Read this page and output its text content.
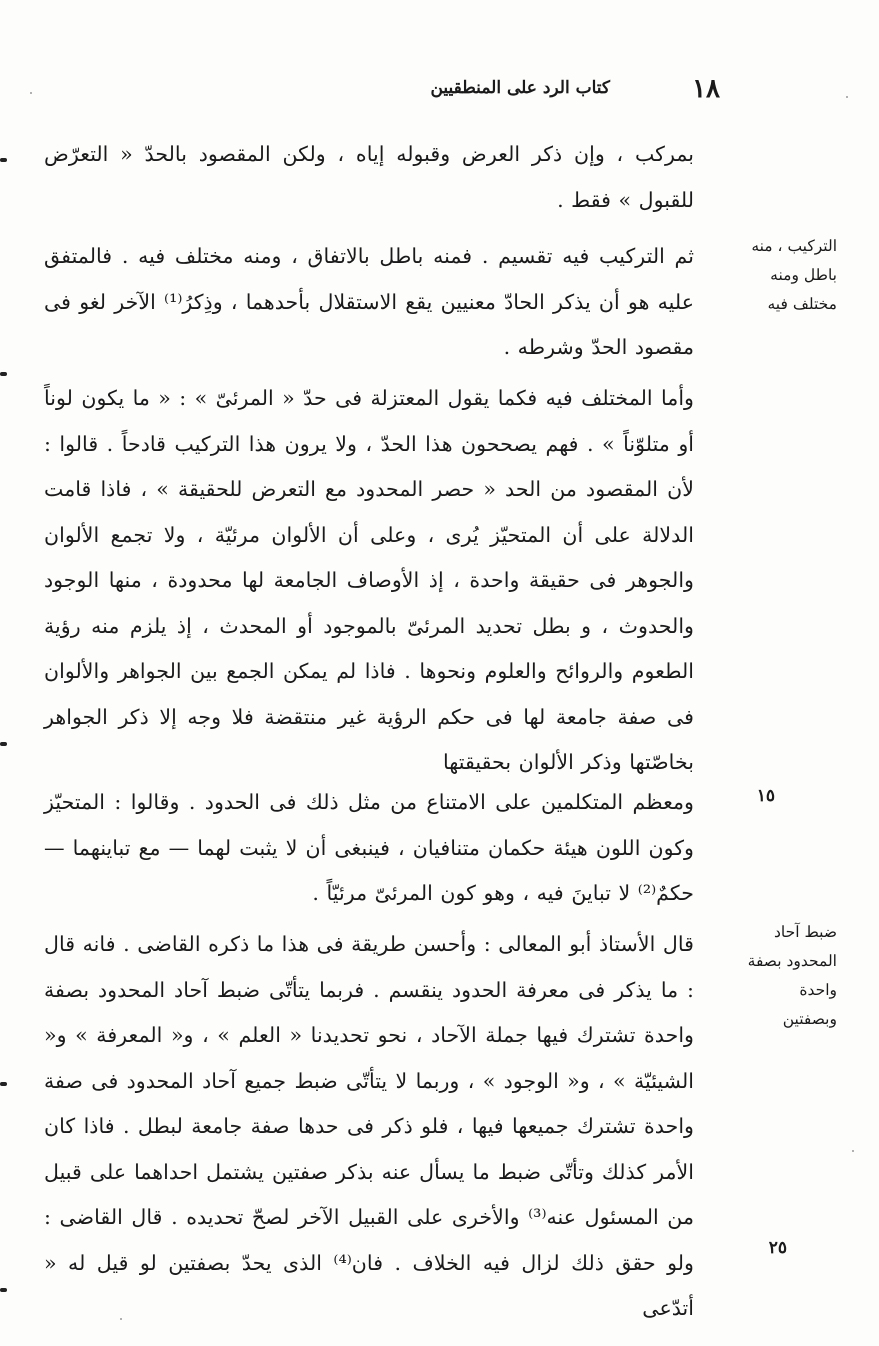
كتاب الرد على المنطقيين	١٨

بمركب ، وإن ذكر العرض وقبوله إياه ، ولكن المقصود بالحدّ « التعرّض للقبول » فقط .

ثم التركيب فيه تقسيم . فمنه باطل بالاتفاق ، ومنه مختلف فيه . فالمتفق عليه هو أن يذكر الحادّ معنيين يقع الاستقلال بأحدهما ، وذِكرُ⁽¹⁾ الآخر لغو فى مقصود الحدّ وشرطه .

وأما المختلف فيه فكما يقول المعتزلة فى حدّ « المرئىّ » : « ما يكون لوناً أو متلوّناً » . فهم يصححون هذا الحدّ ، ولا يرون هذا التركيب قادحاً . قالوا : لأن المقصود من الحد « حصر المحدود مع التعرض للحقيقة » ، فاذا قامت الدلالة على أن المتحيّز يُرى ، وعلى أن الألوان مرئيّة ، ولا تجمع الألوان والجوهر فى حقيقة واحدة ، إذ الأوصاف الجامعة لها محدودة ، منها الوجود والحدوث ، و بطل تحديد المرئىّ بالموجود أو المحدث ، إذ يلزم منه رؤية الطعوم والروائح والعلوم ونحوها . فاذا لم يمكن الجمع بين الجواهر والألوان فى صفة جامعة لها فى حكم الرؤية غير منتقضة فلا وجه إلا ذكر الجواهر بخاصّتها وذكر الألوان بحقيقتها

ومعظم المتكلمين على الامتناع من مثل ذلك فى الحدود . وقالوا : المتحيّز وكون اللون هيئة حكمان متنافيان ، فينبغى أن لا يثبت لهما — مع تباينهما — حكمٌ⁽²⁾ لا تباينَ فيه ، وهو كون المرئىّ مرئيّاً .

قال الأستاذ أبو المعالى : وأحسن طريقة فى هذا ما ذكره القاضى . فانه قال : ما يذكر فى معرفة الحدود ينقسم . فربما يتأتّى ضبط آحاد المحدود بصفة واحدة تشترك فيها جملة الآحاد ، نحو تحديدنا « العلم » ، و« المعرفة » و« الشيئيّة » ، و« الوجود » ، وربما لا يتأتّى ضبط جميع آحاد المحدود فى صفة واحدة تشترك جميعها فيها ، فلو ذكر فى حدها صفة جامعة لبطل . فاذا كان الأمر كذلك وتأتّى ضبط ما يسأل عنه بذكر صفتين يشتمل احداهما على قبيل من المسئول عنه⁽³⁾ والأخرى على القبيل الآخر لصحّ تحديده . قال القاضى : ولو حقق ذلك لزال فيه الخلاف . فان⁽⁴⁾ الذى يحدّ بصفتين لو قيل له « أتدّعى

التركيب ، منه باطل ومنه مختلف فيه
ضبط آحاد المحدود بصفة واحدة وبصفتين
١٥
٢٥
